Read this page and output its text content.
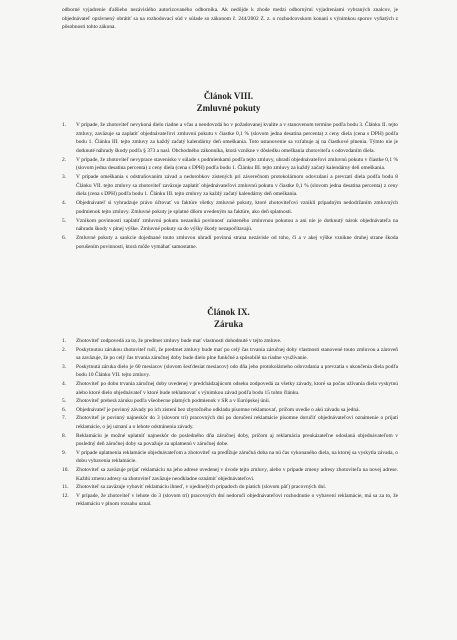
odborné vyjadrenie ďalšieho nezávislého autorizovaného odborníka. Ak nedôjde k zhode medzi odbornými vyjadreniami vybraných znalcov, je objednávateľ oprávnený obrátiť sa na rozhodovací súd v súlade so zákonom č. 244/2002 Z. z. o rozhodcovskom konaní s výnimkou sporov vyňatých z pôsobnosti tohto zákona.
Článok VIII.
Zmluvné pokuty
1.	V prípade, že zhotoviteľ nevykoná dielo riadne a včas a neodovzdá ho v požadovanej kvalite a v stanovenom termíne podľa bodu 3. Článku II. tejto zmluvy, zaväzuje sa zaplatiť objednávateľovi zmluvnú pokutu v čiastke 0,1 % (slovom jedna desatina percenta) z ceny diela (cena s DPH) podľa bodu 1. Článku III. tejto zmluvy za každý začatý kalendárny deň omeškania. Toto ustanovenie sa vzťahuje aj na čiastkové plnenia. Týmto nie je dotknuté náhrady škody podľa § 373 a nasl. Obchodného zákonníka, ktorá vznikne v dôsledku omeškania zhotoviteľa s odovzdaním diela.
2.	V prípade, že zhotoviteľ nevyprace stavenisko v súlade s podmienkami podľa tejto zmluvy, uhradí objednávateľovi zmluvnú pokutu v čiastke 0,1 % (slovom jedna desatina percenta) z ceny diela (cena s DPH) podľa bodu 1. Článku III. tejto zmluvy za každý začatý kalendárny deň omeškania.
3.	V prípade omeškania s odstraňovaním závad a nedorobkov zistených pri záverečnom protokolárnom odovzdaní a prevzatí diela podľa bodu 8 Článku VII. tejto zmluvy sa zhotoviteľ zaväzuje zaplatiť objednávateľovi zmluvnú pokutu v čiastke 0,1 % (slovom jedna desatina percenta) z ceny diela (cena s DPH) podľa bodu 1. Článku III. tejto zmluvy za každý začatý kalendárny deň omeškania.
4.	Objednávateľ si vyhradzuje právo účtovať vo faktúre všetky zmluvné pokuty, ktoré zhotoviteľovi vznikli prípadným nedodržaním zmluvných podmienok tejto zmluvy. Zmluvné pokuty je splatné dňom uvedeným na faktúre, ako deň splatnosti.
5.	Vznikom povinnosti zaplatiť zmluvnú pokutu nezaniká povinnosť zaisteného zmluvnou pokutou a ani nie je dotknutý nárok objednávateľa na náhradu škody v plnej výške. Zmluvné pokuty sa do výšky škody nezapočítavajú.
6.	Zmluvné pokuty a sankcie dojednané touto zmluvou uhradí povinná strana nezávisle od toho, či a v akej výške vznikne druhej strane škoda porušením povinnosti, ktorá môže vymáhať samostatne.
Článok IX.
Záruka
1.	Zhotoviteľ zodpovedá za to, že predmet zmluvy bude mať vlastnosti dohodnuté v tejto zmluve.
2.	Poskytnutou zárukou zhotoviteľ ručí, že predmet zmluvy bude mať po celý čas trvania záručnej doby vlastnosti stanovené touto zmluvou a zároveň sa zaväzuje, že po celý čas trvania záručnej doby bude dielo plne funkčné a spôsobilé na riadne využívanie.
3.	Poskytnutá záruka dielo je 60 mesiacov (slovom šesťdesiat mesiacov) odo dňa jeho protokolárneho odovzdania a prevzatia s ukončenia diela podľa bodu 10 Článku VII. tejto zmluvy.
4.	Zhotoviteľ po dobu trvania záručnej doby uvedenej v predchádzajúcom odseku zodpovedá za všetky závady, ktoré sa počas užívania diela vyskytnú alebo ktoré dielo objednávateľ v ktoré bude reklamovať s výnimkou závad podľa bodu 15 tohto článku.
5.	Zhotoviteľ preberá záruku podľa všeobecne platných podmienok v SR a v Európskej únii.
6.	Objednávateľ je povinný závady po ich zistení bez zbytočného odkladu písomne reklamovať, pričom uvedie o akú závadu sa jedná.
7.	Zhotoviteľ je povinný najneskôr do 3 (slovom tri) pracovných dní po doručení reklamácie písomne doručiť objednávateľovi oznámenie o prijatí reklamácie, o jej uznaní a o lehote odstránenia závady.
8.	Reklamáciu je možné uplatniť najneskôr do posledného dňa záručnej doby, pričom aj reklamácia preukázateľne odoslaná objednávateľom v posledný deň záručnej doby sa považuje za uplatnenú v záručnej dobe.
9.	V prípade uplatnenia reklamácie objednávateľom a zhotoviteľ sa predĺžuje záručná doba na nú čas vykonaného diela, na ktorej sa vyskytla závada, o dobu vybavenia reklamácie.
10.	Zhotoviteľ sa zaväzuje prijať reklamáciu na jeho adrese uvedenej v úvode tejto zmluvy, alebo v prípade zmeny adresy zhotoviteľa na novej adrese. Každú zmenu adresy sa zhotoviteľ zaväzuje neodkladne oznámiť objednávateľovi.
11.	Zhotoviteľ sa zaväzuje vybaviť reklamáciu ihneď, v ojedinelých prípadoch do piatich (slovom päť) pracovných dní.
12.	V prípade, že zhotoviteľ v lehote do 3 (slovom tri) pracovných dní nedoručí objednávateľovi rozhodnutie o vybavení reklamácie, má sa za to, že reklamáciu v plnom rozsahu uznal.
